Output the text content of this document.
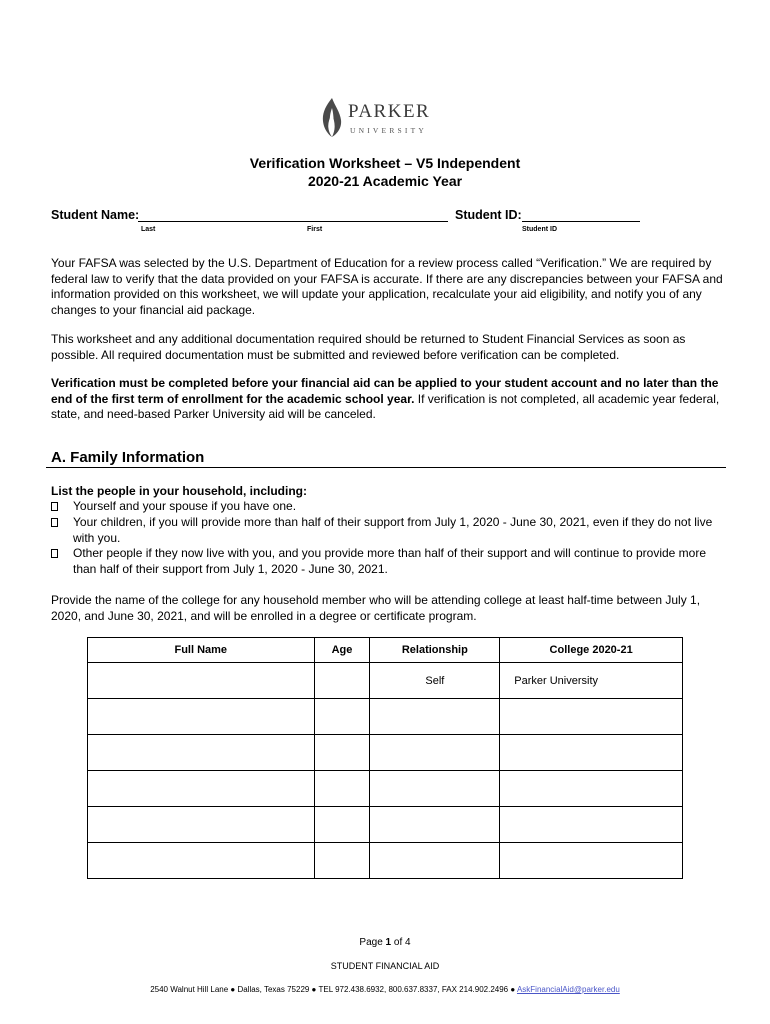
PARKER
UNIVERSITY
Verification Worksheet – V5 Independent
2020-21 Academic Year
Student Name:	Student ID:
Last	First	Student ID
Your FAFSA was selected by the U.S. Department of Education for a review process called “Verification.” We are required by federal law to verify that the data provided on your FAFSA is accurate. If there are any discrepancies between your FAFSA and information provided on this worksheet, we will update your application, recalculate your aid eligibility, and notify you of any changes to your financial aid package.
This worksheet and any additional documentation required should be returned to Student Financial Services as soon as possible. All required documentation must be submitted and reviewed before verification can be completed.
Verification must be completed before your financial aid can be applied to your student account and no later than the end of the first term of enrollment for the academic school year. If verification is not completed, all academic year federal, state, and need-based Parker University aid will be canceled.
A. Family Information
List the people in your household, including:
Yourself and your spouse if you have one.
Your children, if you will provide more than half of their support from July 1, 2020 - June 30, 2021, even if they do not live with you.
Other people if they now live with you, and you provide more than half of their support and will continue to provide more than half of their support from July 1, 2020 - June 30, 2021.
Provide the name of the college for any household member who will be attending college at least half-time between July 1, 2020, and June 30, 2021, and will be enrolled in a degree or certificate program.
Full Name	Age	Relationship	College 2020-21
		Self	Parker University

Page 1 of 4
STUDENT FINANCIAL AID
2540 Walnut Hill Lane ● Dallas, Texas 75229 ● TEL 972.438.6932, 800.637.8337, FAX 214.902.2496 ● AskFinancialAid@parker.edu
